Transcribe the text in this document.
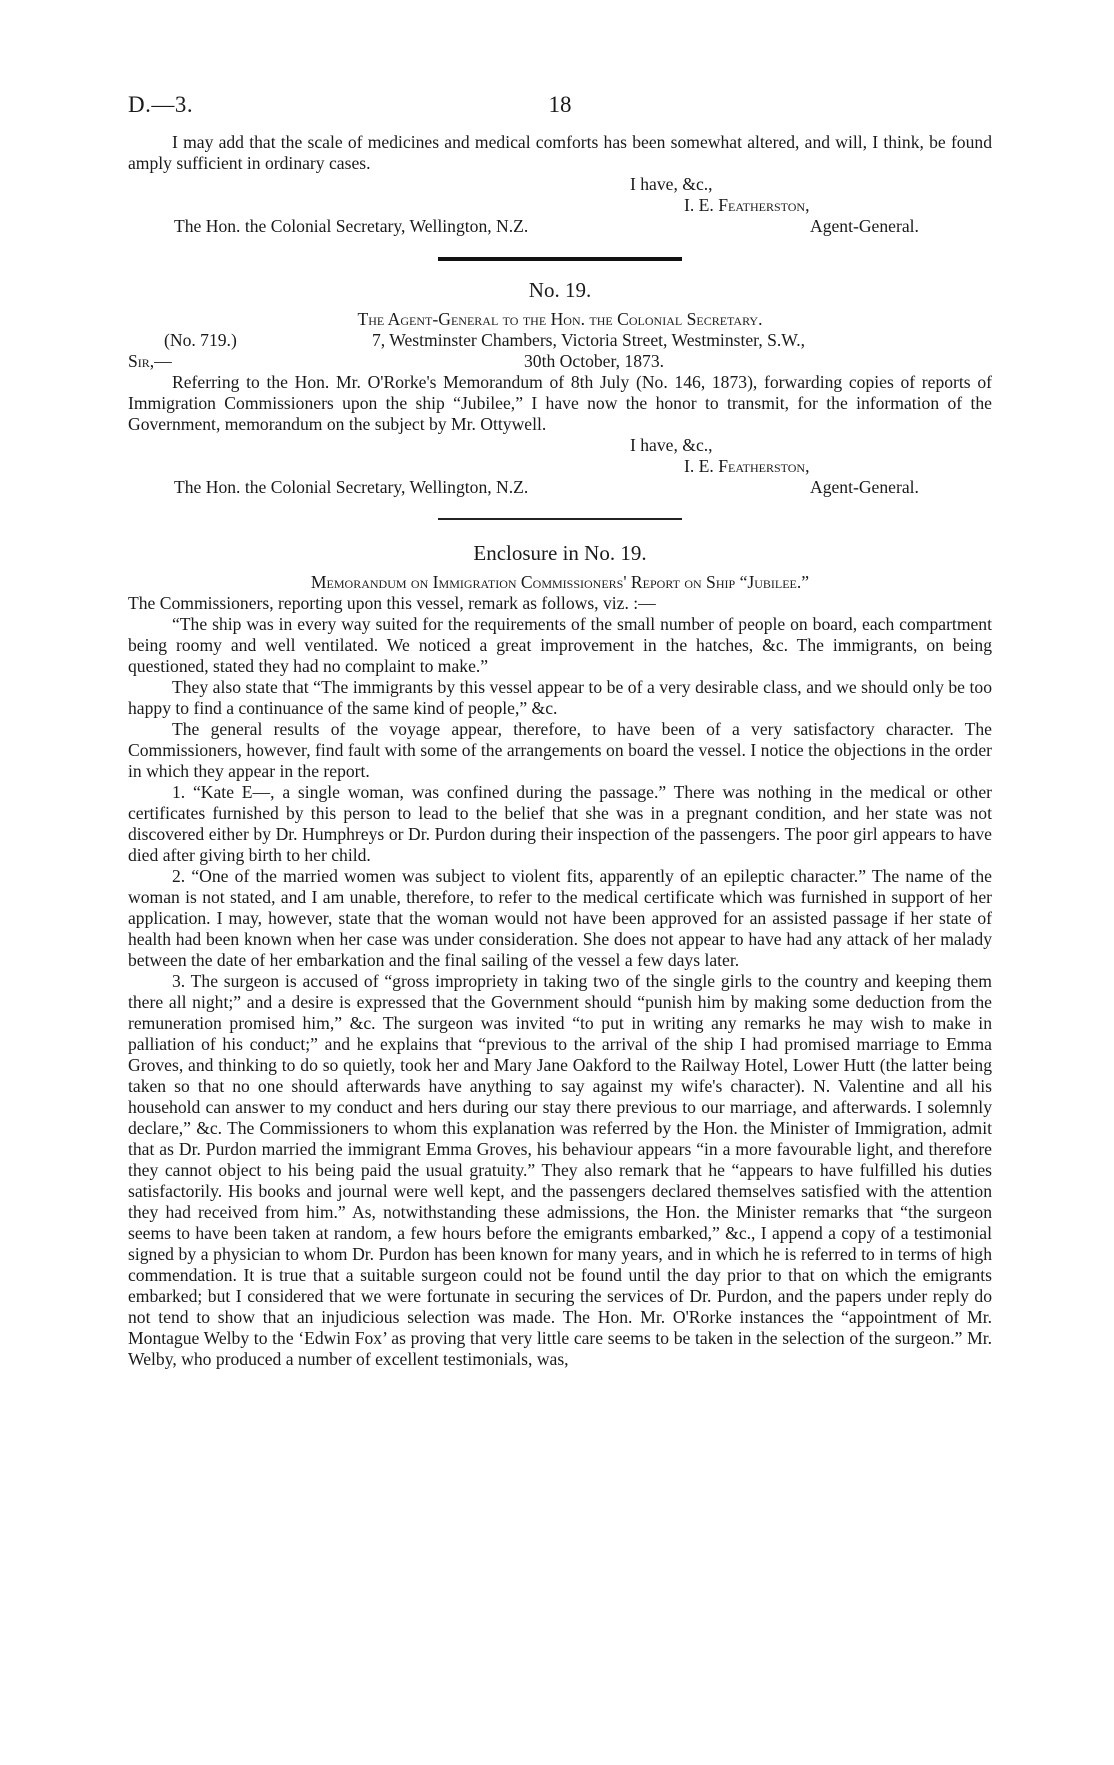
D.—3.	18

I may add that the scale of medicines and medical comforts has been somewhat altered, and will, I think, be found amply sufficient in ordinary cases.

I have, &c.,
I. E. Featherston,
The Hon. the Colonial Secretary, Wellington, N.Z.	Agent-General.
No. 19.
The Agent-General to the Hon. the Colonial Secretary.
(No. 719.)	7, Westminster Chambers, Victoria Street, Westminster, S.W.,
Sir,—	30th October, 1873.

Referring to the Hon. Mr. O'Rorke's Memorandum of 8th July (No. 146, 1873), forwarding copies of reports of Immigration Commissioners upon the ship “Jubilee,” I have now the honor to transmit, for the information of the Government, memorandum on the subject by Mr. Ottywell.

I have, &c.,
I. E. Featherston,
The Hon. the Colonial Secretary, Wellington, N.Z.	Agent-General.
Enclosure in No. 19.
Memorandum on Immigration Commissioners' Report on Ship “Jubilee.”

The Commissioners, reporting upon this vessel, remark as follows, viz. :—

“The ship was in every way suited for the requirements of the small number of people on board, each compartment being roomy and well ventilated. We noticed a great improvement in the hatches, &c. The immigrants, on being questioned, stated they had no complaint to make.”

They also state that “The immigrants by this vessel appear to be of a very desirable class, and we should only be too happy to find a continuance of the same kind of people,” &c.

The general results of the voyage appear, therefore, to have been of a very satisfactory character. The Commissioners, however, find fault with some of the arrangements on board the vessel. I notice the objections in the order in which they appear in the report.

1. “Kate E—, a single woman, was confined during the passage.” There was nothing in the medical or other certificates furnished by this person to lead to the belief that she was in a pregnant condition, and her state was not discovered either by Dr. Humphreys or Dr. Purdon during their inspection of the passengers. The poor girl appears to have died after giving birth to her child.

2. “One of the married women was subject to violent fits, apparently of an epileptic character.” The name of the woman is not stated, and I am unable, therefore, to refer to the medical certificate which was furnished in support of her application. I may, however, state that the woman would not have been approved for an assisted passage if her state of health had been known when her case was under consideration. She does not appear to have had any attack of her malady between the date of her embarkation and the final sailing of the vessel a few days later.

3. The surgeon is accused of “gross impropriety in taking two of the single girls to the country and keeping them there all night;” and a desire is expressed that the Government should “punish him by making some deduction from the remuneration promised him,” &c. The surgeon was invited “to put in writing any remarks he may wish to make in palliation of his conduct;” and he explains that “previous to the arrival of the ship I had promised marriage to Emma Groves, and thinking to do so quietly, took her and Mary Jane Oakford to the Railway Hotel, Lower Hutt (the latter being taken so that no one should afterwards have anything to say against my wife's character). N. Valentine and all his household can answer to my conduct and hers during our stay there previous to our marriage, and afterwards. I solemnly declare,” &c. The Commissioners to whom this explanation was referred by the Hon. the Minister of Immigration, admit that as Dr. Purdon married the immigrant Emma Groves, his behaviour appears “in a more favourable light, and therefore they cannot object to his being paid the usual gratuity.” They also remark that he “appears to have fulfilled his duties satisfactorily. His books and journal were well kept, and the passengers declared themselves satisfied with the attention they had received from him.” As, notwithstanding these admissions, the Hon. the Minister remarks that “the surgeon seems to have been taken at random, a few hours before the emigrants embarked,” &c., I append a copy of a testimonial signed by a physician to whom Dr. Purdon has been known for many years, and in which he is referred to in terms of high commendation. It is true that a suitable surgeon could not be found until the day prior to that on which the emigrants embarked; but I considered that we were fortunate in securing the services of Dr. Purdon, and the papers under reply do not tend to show that an injudicious selection was made. The Hon. Mr. O'Rorke instances the “appointment of Mr. Montague Welby to the ‘Edwin Fox’ as proving that very little care seems to be taken in the selection of the surgeon.” Mr. Welby, who produced a number of excellent testimonials, was,
